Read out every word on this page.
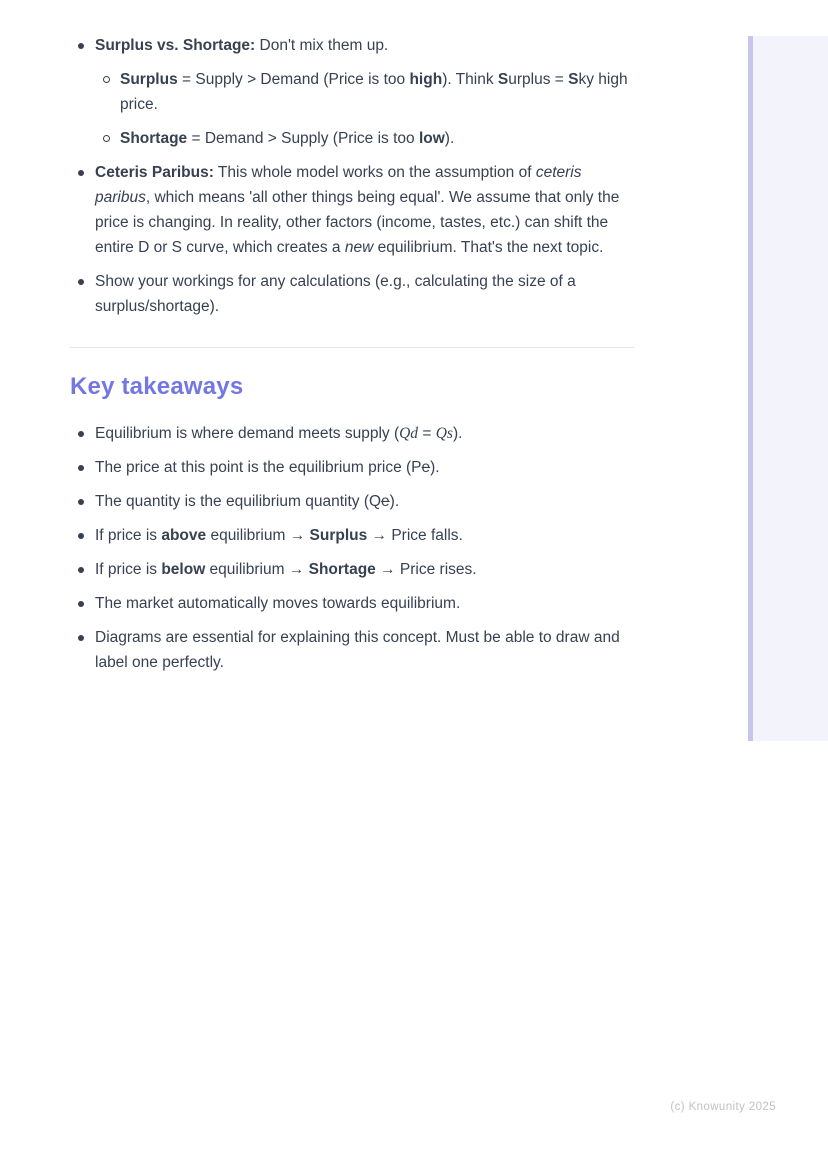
Surplus vs. Shortage: Don't mix them up.
Surplus = Supply > Demand (Price is too high). Think Surplus = Sky high price.
Shortage = Demand > Supply (Price is too low).
Ceteris Paribus: This whole model works on the assumption of ceteris paribus, which means 'all other things being equal'. We assume that only the price is changing. In reality, other factors (income, tastes, etc.) can shift the entire D or S curve, which creates a new equilibrium. That's the next topic.
Show your workings for any calculations (e.g., calculating the size of a surplus/shortage).
Key takeaways
Equilibrium is where demand meets supply (Qd = Qs).
The price at this point is the equilibrium price (Pe).
The quantity is the equilibrium quantity (Qe).
If price is above equilibrium → Surplus → Price falls.
If price is below equilibrium → Shortage → Price rises.
The market automatically moves towards equilibrium.
Diagrams are essential for explaining this concept. Must be able to draw and label one perfectly.
(c) Knowunity 2025
